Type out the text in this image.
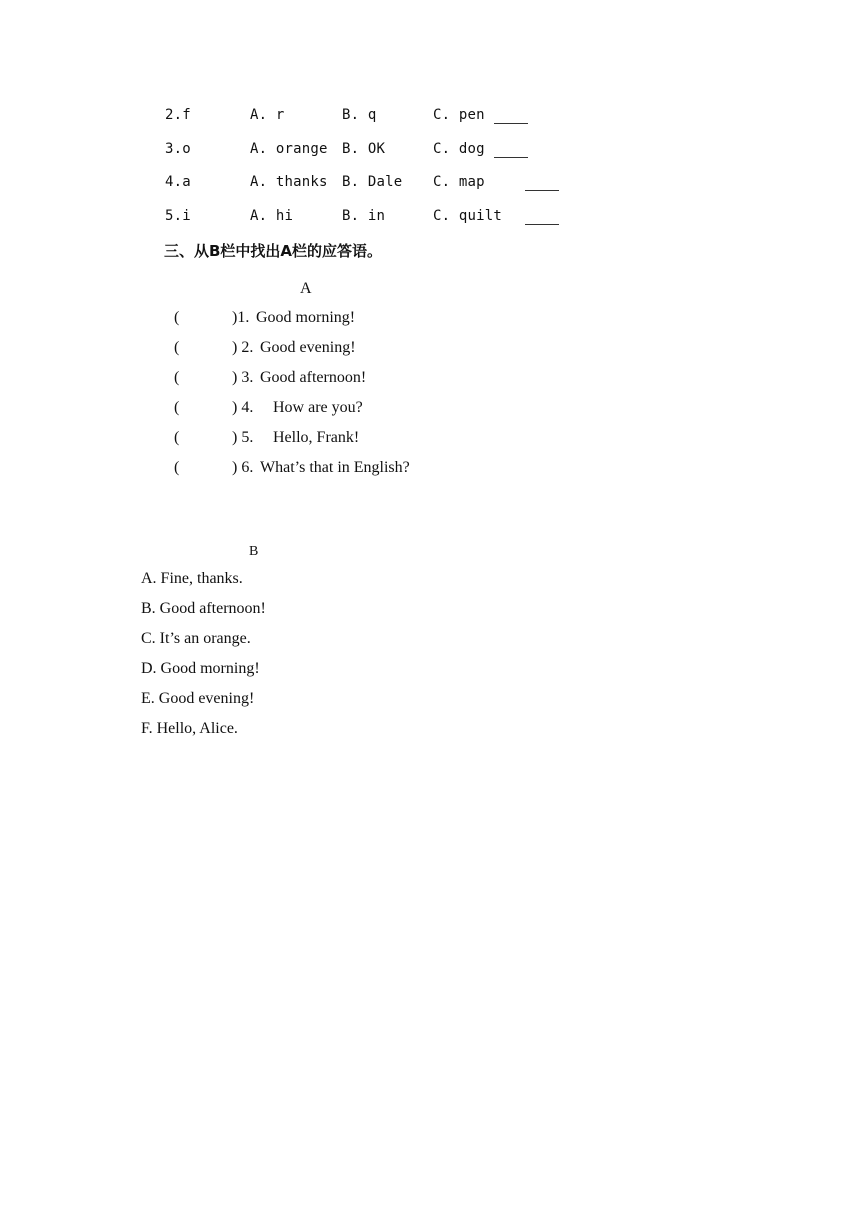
2.f	A. r	B. q	C. pen
3.o	A. orange B. OK	C. dog
4.a	A. thanks B. Dale C. map
5.i	A. hi	B. in	C. quilt
三、从B栏中找出A栏的应答语。
A
(	)1. Good morning!
(	) 2. Good evening!
(	) 3. Good afternoon!
(	) 4. How are you?
(	) 5. Hello, Frank!
(	) 6. What’s that in English?
B
A. Fine, thanks.
B. Good afternoon!
C. It’s an orange.
D. Good morning!
E. Good evening!
F. Hello, Alice.
